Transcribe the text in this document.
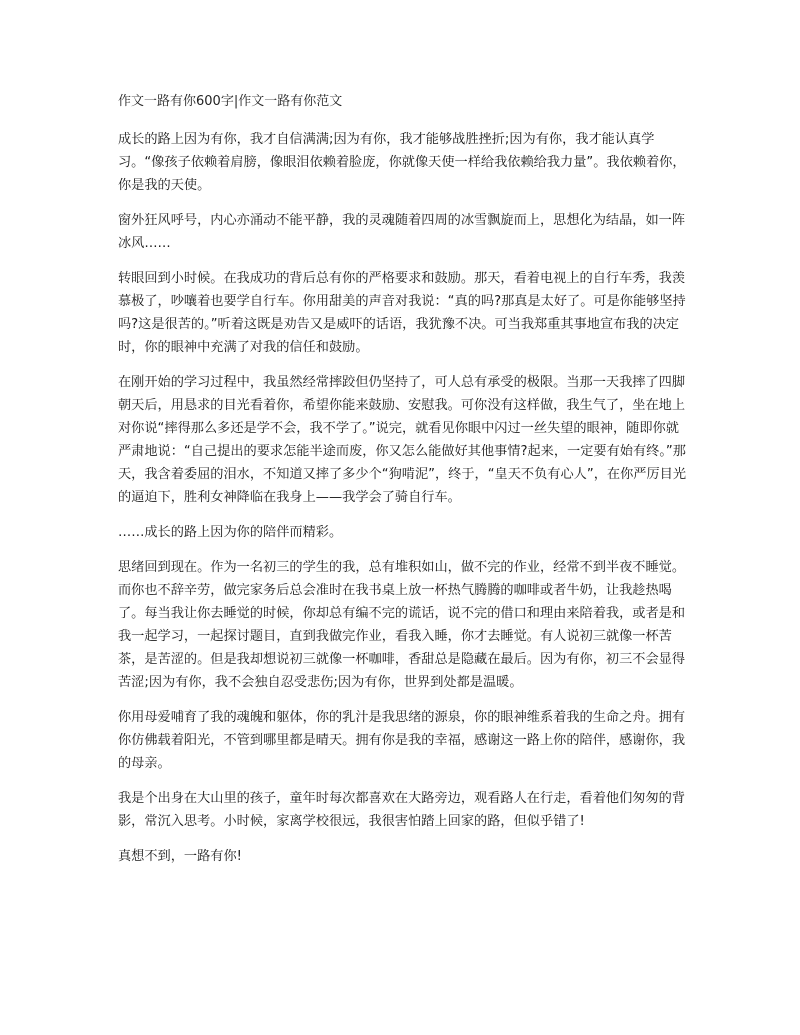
作文一路有你600字|作文一路有你范文

成长的路上因为有你，我才自信满满;因为有你，我才能够战胜挫折;因为有你，我才能认真学习。“像孩子依赖着肩膀，像眼泪依赖着脸庞，你就像天使一样给我依赖给我力量”。我依赖着你，你是我的天使。

窗外狂风呼号，内心亦涌动不能平静，我的灵魂随着四周的冰雪飘旋而上，思想化为结晶，如一阵冰风……

转眼回到小时候。在我成功的背后总有你的严格要求和鼓励。那天，看着电视上的自行车秀，我羡慕极了，吵嚷着也要学自行车。你用甜美的声音对我说：“真的吗?那真是太好了。可是你能够坚持吗?这是很苦的。”听着这既是劝告又是威吓的话语，我犹豫不决。可当我郑重其事地宣布我的决定时，你的眼神中充满了对我的信任和鼓励。

在刚开始的学习过程中，我虽然经常摔跤但仍坚持了，可人总有承受的极限。当那一天我摔了四脚朝天后，用恳求的目光看着你，希望你能来鼓励、安慰我。可你没有这样做，我生气了，坐在地上对你说“摔得那么多还是学不会，我不学了。”说完，就看见你眼中闪过一丝失望的眼神，随即你就严肃地说：“自己提出的要求怎能半途而废，你又怎么能做好其他事情?起来，一定要有始有终。”那天，我含着委屈的泪水，不知道又摔了多少个“狗啃泥”，终于，“皇天不负有心人”，在你严厉目光的逼迫下，胜利女神降临在我身上——我学会了骑自行车。

……成长的路上因为你的陪伴而精彩。

思绪回到现在。作为一名初三的学生的我，总有堆积如山，做不完的作业，经常不到半夜不睡觉。而你也不辞辛劳，做完家务后总会准时在我书桌上放一杯热气腾腾的咖啡或者牛奶，让我趁热喝了。每当我让你去睡觉的时候，你却总有编不完的谎话，说不完的借口和理由来陪着我，或者是和我一起学习，一起探讨题目，直到我做完作业，看我入睡，你才去睡觉。有人说初三就像一杯苦茶，是苦涩的。但是我却想说初三就像一杯咖啡，香甜总是隐藏在最后。因为有你，初三不会显得苦涩;因为有你，我不会独自忍受悲伤;因为有你，世界到处都是温暖。

你用母爱哺育了我的魂魄和躯体，你的乳汁是我思绪的源泉，你的眼神维系着我的生命之舟。拥有你仿佛载着阳光，不管到哪里都是晴天。拥有你是我的幸福，感谢这一路上你的陪伴，感谢你，我的母亲。

我是个出身在大山里的孩子，童年时每次都喜欢在大路旁边，观看路人在行走，看着他们匆匆的背影，常沉入思考。小时候，家离学校很远，我很害怕踏上回家的路，但似乎错了!

真想不到，一路有你!
